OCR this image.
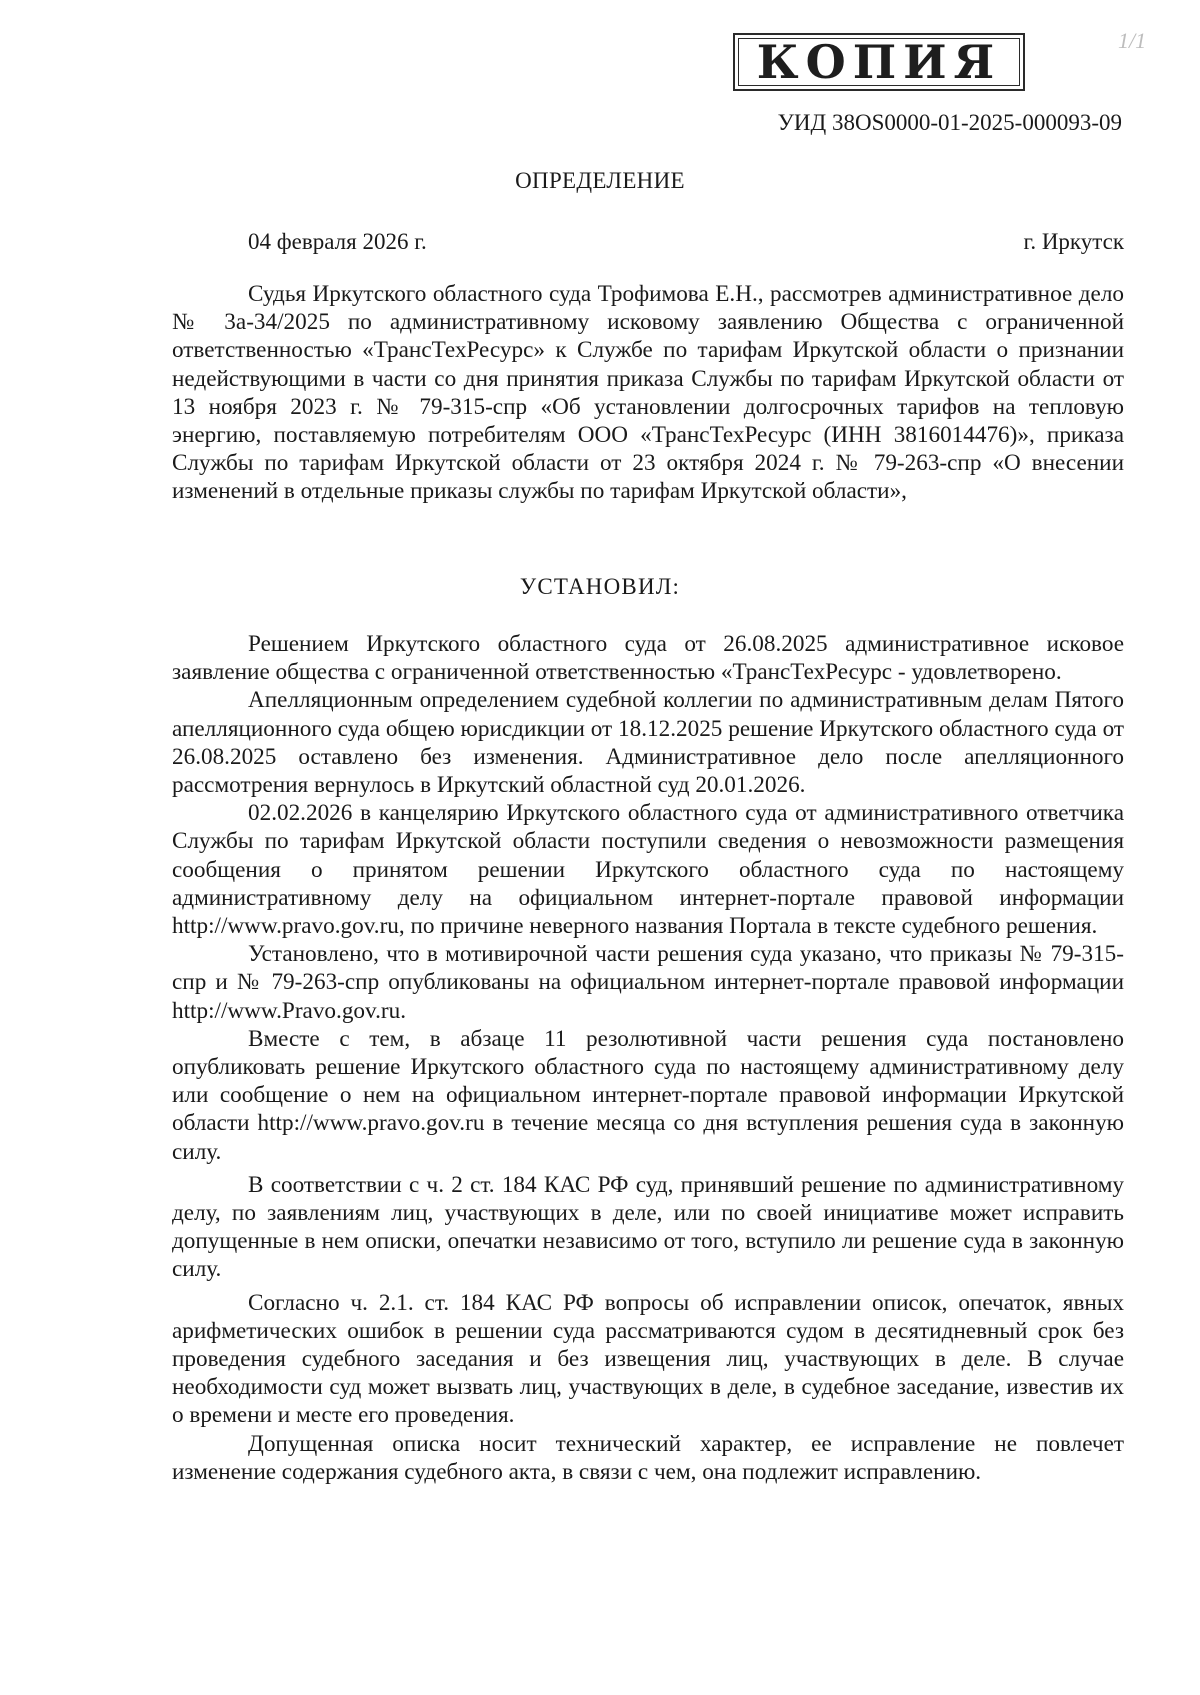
КОПИЯ	1/1
УИД 38OS0000-01-2025-000093-09
ОПРЕДЕЛЕНИЕ
04 февраля 2026 г.	г. Иркутск

Судья Иркутского областного суда Трофимова Е.Н., рассмотрев административное дело № 3а-34/2025 по административному исковому заявлению Общества с ограниченной ответственностью «ТрансТехРесурс» к Службе по тарифам Иркутской области о признании недействующими в части со дня принятия приказа Службы по тарифам Иркутской области от 13 ноября 2023 г. № 79-315-спр «Об установлении долгосрочных тарифов на тепловую энергию, поставляемую потребителям ООО «ТрансТехРесурс (ИНН 3816014476)», приказа Службы по тарифам Иркутской области от 23 октября 2024 г. № 79-263-спр «О внесении изменений в отдельные приказы службы по тарифам Иркутской области»,

УСТАНОВИЛ:

Решением Иркутского областного суда от 26.08.2025 административное исковое заявление общества с ограниченной ответственностью «ТрансТехРесурс - удовлетворено.

Апелляционным определением судебной коллегии по административным делам Пятого апелляционного суда общею юрисдикции от 18.12.2025 решение Иркутского областного суда от 26.08.2025 оставлено без изменения. Административное дело после апелляционного рассмотрения вернулось в Иркутский областной суд 20.01.2026.

02.02.2026 в канцелярию Иркутского областного суда от административного ответчика Службы по тарифам Иркутской области поступили сведения о невозможности размещения сообщения о принятом решении Иркутского областного суда по настоящему административному делу на официальном интернет-портале правовой информации http://www.pravo.gov.ru, по причине неверного названия Портала в тексте судебного решения.

Установлено, что в мотивирочной части решения суда указано, что приказы № 79-315-спр и № 79-263-спр опубликованы на официальном интернет-портале правовой информации http://www.Pravo.gov.ru.

Вместе с тем, в абзаце 11 резолютивной части решения суда постановлено опубликовать решение Иркутского областного суда по настоящему административному делу или сообщение о нем на официальном интернет-портале правовой информации Иркутской области http://www.pravo.gov.ru в течение месяца со дня вступления решения суда в законную силу.

В соответствии с ч. 2 ст. 184 КАС РФ суд, принявший решение по административному делу, по заявлениям лиц, участвующих в деле, или по своей инициативе может исправить допущенные в нем описки, опечатки независимо от того, вступило ли решение суда в законную силу.

Согласно ч. 2.1. ст. 184 КАС РФ вопросы об исправлении описок, опечаток, явных арифметических ошибок в решении суда рассматриваются судом в десятидневный срок без проведения судебного заседания и без извещения лиц, участвующих в деле. В случае необходимости суд может вызвать лиц, участвующих в деле, в судебное заседание, известив их о времени и месте его проведения.

Допущенная описка носит технический характер, ее исправление не повлечет изменение содержания судебного акта, в связи с чем, она подлежит исправлению.
